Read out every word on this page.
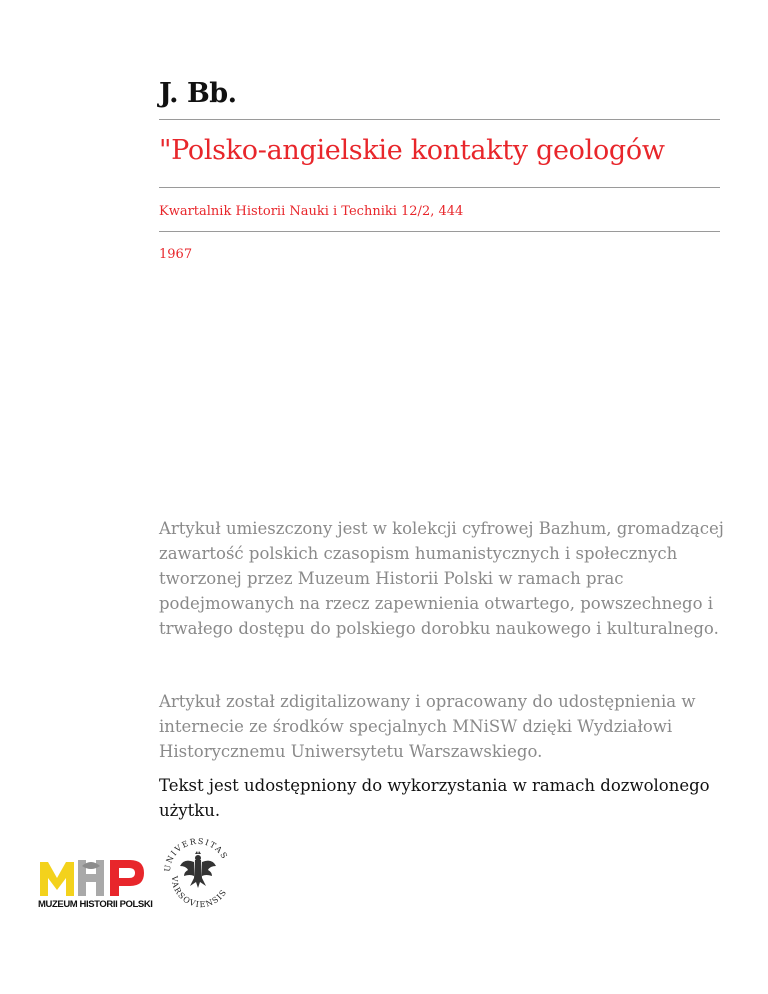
J. Bb.
"Polsko-angielskie kontakty geologów
Kwartalnik Historii Nauki i Techniki 12/2, 444
1967

Artykuł umieszczony jest w kolekcji cyfrowej Bazhum, gromadzącej zawartość polskich czasopism humanistycznych i społecznych tworzonej przez Muzeum Historii Polski w ramach prac podejmowanych na rzecz zapewnienia otwartego, powszechnego i trwałego dostępu do polskiego dorobku naukowego i kulturalnego.

Artykuł został zdigitalizowany i opracowany do udostępnienia w internecie ze środków specjalnych MNiSW dzięki Wydziałowi Historycznemu Uniwersytetu Warszawskiego.

Tekst jest udostępniony do wykorzystania w ramach dozwolonego użytku.

MUZEUM HISTORII POLSKI
UNIVERSITAS
VARSOVIENSIS
